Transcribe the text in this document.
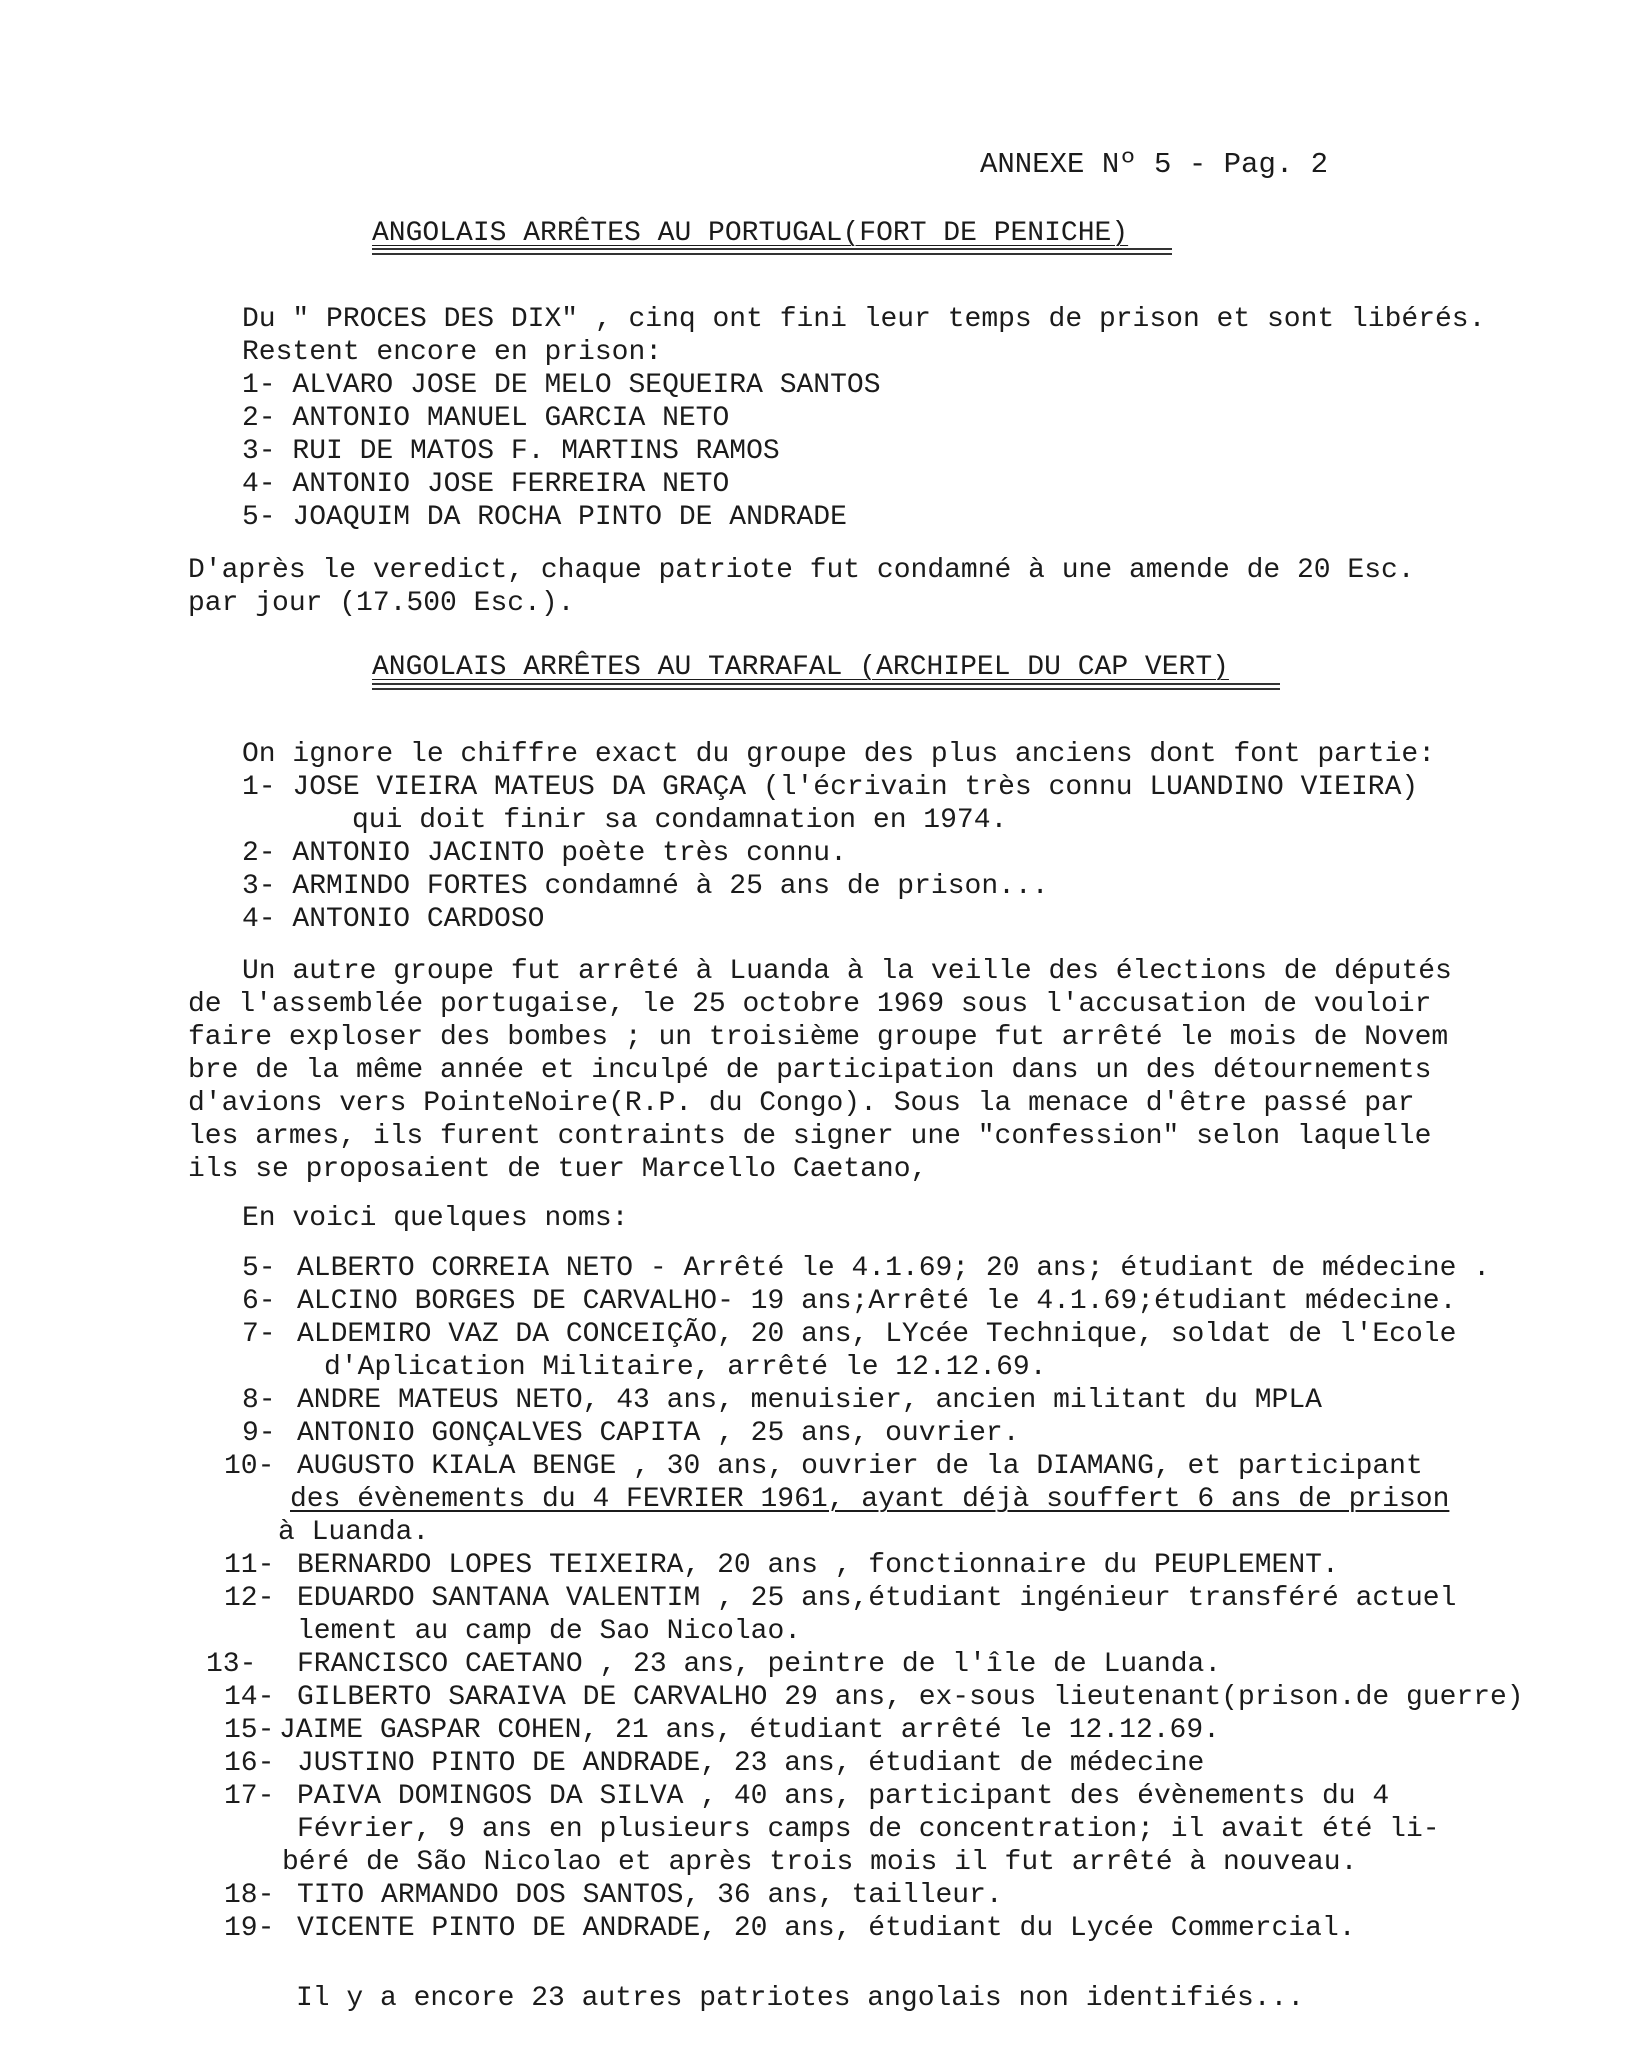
ANNEXE Nº 5 - Pag. 2
ANGOLAIS ARRÊTES AU PORTUGAL(FORT DE PENICHE)
Du " PROCES DES DIX" , cinq ont fini leur temps de prison et sont libérés.
Restent encore en prison:
1- ALVARO JOSE DE MELO SEQUEIRA SANTOS
2- ANTONIO MANUEL GARCIA NETO
3- RUI DE MATOS F. MARTINS RAMOS
4- ANTONIO JOSE FERREIRA NETO
5- JOAQUIM DA ROCHA PINTO DE ANDRADE
D'après le veredict, chaque patriote fut condamné à une amende de 20 Esc.
par jour (17.500 Esc.).
ANGOLAIS ARRÊTES AU TARRAFAL (ARCHIPEL DU CAP VERT)
On ignore le chiffre exact du groupe des plus anciens dont font partie:
1- JOSE VIEIRA MATEUS DA GRAÇA (l'écrivain très connu LUANDINO VIEIRA)
qui doit finir sa condamnation en 1974.
2- ANTONIO JACINTO poète très connu.
3- ARMINDO FORTES condamné à 25 ans de prison...
4- ANTONIO CARDOSO
Un autre groupe fut arrêté à Luanda à la veille des élections de députés
de l'assemblée portugaise, le 25 octobre 1969 sous l'accusation de vouloir
faire exploser des bombes ; un troisième groupe fut arrêté le mois de Novem
bre de la même année et inculpé de participation dans un des détournements
d'avions vers PointeNoire(R.P. du Congo). Sous la menace d'être passé par
les armes, ils furent contraints de signer une "confession" selon laquelle
ils se proposaient de tuer Marcello Caetano,
En voici quelques noms:
5- ALBERTO CORREIA NETO - Arrêté le 4.1.69; 20 ans; étudiant de médecine .
6- ALCINO BORGES DE CARVALHO- 19 ans;Arrêté le 4.1.69;étudiant médecine.
7- ALDEMIRO VAZ DA CONCEIÇÃO, 20 ans, LYcée Technique, soldat de l'Ecole
d'Aplication Militaire, arrêté le 12.12.69.
8- ANDRE MATEUS NETO, 43 ans, menuisier, ancien militant du MPLA
9- ANTONIO GONÇALVES CAPITA , 25 ans, ouvrier.
10- AUGUSTO KIALA BENGE , 30 ans, ouvrier de la DIAMANG, et participant
des évènements du 4 FEVRIER 1961, ayant déjà souffert 6 ans de prison
à Luanda.
11- BERNARDO LOPES TEIXEIRA, 20 ans , fonctionnaire du PEUPLEMENT.
12- EDUARDO SANTANA VALENTIM , 25 ans,étudiant ingénieur transféré actuel
lement au camp de Sao Nicolao.
13- FRANCISCO CAETANO , 23 ans, peintre de l'île de Luanda.
14- GILBERTO SARAIVA DE CARVALHO 29 ans, ex-sous lieutenant(prison.de guerre)
15- JAIME GASPAR COHEN, 21 ans, étudiant arrêté le 12.12.69.
16- JUSTINO PINTO DE ANDRADE, 23 ans, étudiant de médecine
17- PAIVA DOMINGOS DA SILVA , 40 ans, participant des évènements du 4
Février, 9 ans en plusieurs camps de concentration; il avait été li-
béré de São Nicolao et après trois mois il fut arrêté à nouveau.
18- TITO ARMANDO DOS SANTOS, 36 ans, tailleur.
19- VICENTE PINTO DE ANDRADE, 20 ans, étudiant du Lycée Commercial.
Il y a encore 23 autres patriotes angolais non identifiés...
